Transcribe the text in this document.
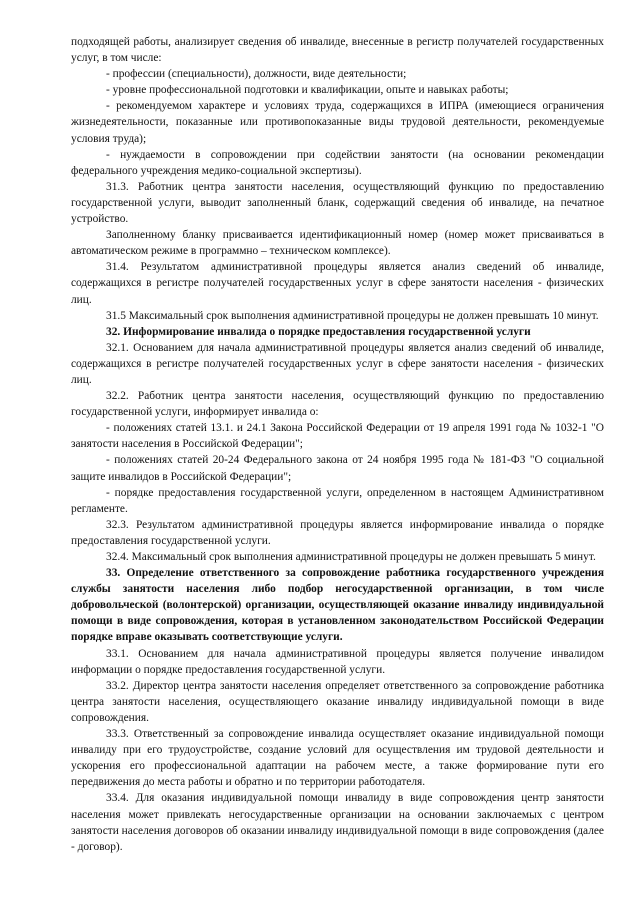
подходящей работы, анализирует сведения об инвалиде, внесенные в регистр получателей государственных услуг, в том числе:

- профессии (специальности), должности, виде деятельности;

- уровне профессиональной подготовки и квалификации, опыте и навыках работы;

- рекомендуемом характере и условиях труда, содержащихся в ИПРА (имеющиеся ограничения жизнедеятельности, показанные или противопоказанные виды трудовой деятельности, рекомендуемые условия труда);

- нуждаемости в сопровождении при содействии занятости (на основании рекомендации федерального учреждения медико-социальной экспертизы).

31.3. Работник центра занятости населения, осуществляющий функцию по предоставлению государственной услуги, выводит заполненный бланк, содержащий сведения об инвалиде, на печатное устройство.

Заполненному бланку присваивается идентификационный номер (номер может присваиваться в автоматическом режиме в программно – техническом комплексе).

31.4. Результатом административной процедуры является анализ сведений об инвалиде, содержащихся в регистре получателей государственных услуг в сфере занятости населения - физических лиц.

31.5 Максимальный срок выполнения административной процедуры не должен превышать 10 минут.

32. Информирование инвалида о порядке предоставления государственной услуги

32.1. Основанием для начала административной процедуры является анализ сведений об инвалиде, содержащихся в регистре получателей государственных услуг в сфере занятости населения - физических лиц.

32.2. Работник центра занятости населения, осуществляющий функцию по предоставлению государственной услуги, информирует инвалида о:

- положениях статей 13.1. и 24.1 Закона Российской Федерации от 19 апреля 1991 года № 1032-1 "О занятости населения в Российской Федерации";

- положениях статей 20-24 Федерального закона от 24 ноября 1995 года № 181-ФЗ "О социальной защите инвалидов в Российской Федерации";

- порядке предоставления государственной услуги, определенном в настоящем Административном регламенте.

32.3. Результатом административной процедуры является информирование инвалида о порядке предоставления государственной услуги.

32.4. Максимальный срок выполнения административной процедуры не должен превышать 5 минут.

33. Определение ответственного за сопровождение работника государственного учреждения службы занятости населения либо подбор негосударственной организации, в том числе добровольческой (волонтерской) организации, осуществляющей оказание инвалиду индивидуальной помощи в виде сопровождения, которая в установленном законодательством Российской Федерации порядке вправе оказывать соответствующие услуги.

33.1. Основанием для начала административной процедуры является получение инвалидом информации о порядке предоставления государственной услуги.

33.2. Директор центра занятости населения определяет ответственного за сопровождение работника центра занятости населения, осуществляющего оказание инвалиду индивидуальной помощи в виде сопровождения.

33.3. Ответственный за сопровождение инвалида осуществляет оказание индивидуальной помощи инвалиду при его трудоустройстве, создание условий для осуществления им трудовой деятельности и ускорения его профессиональной адаптации на рабочем месте, а также формирование пути его передвижения до места работы и обратно и по территории работодателя.

33.4. Для оказания индивидуальной помощи инвалиду в виде сопровождения центр занятости населения может привлекать негосударственные организации на основании заключаемых с центром занятости населения договоров об оказании инвалиду индивидуальной помощи в виде сопровождения (далее - договор).
